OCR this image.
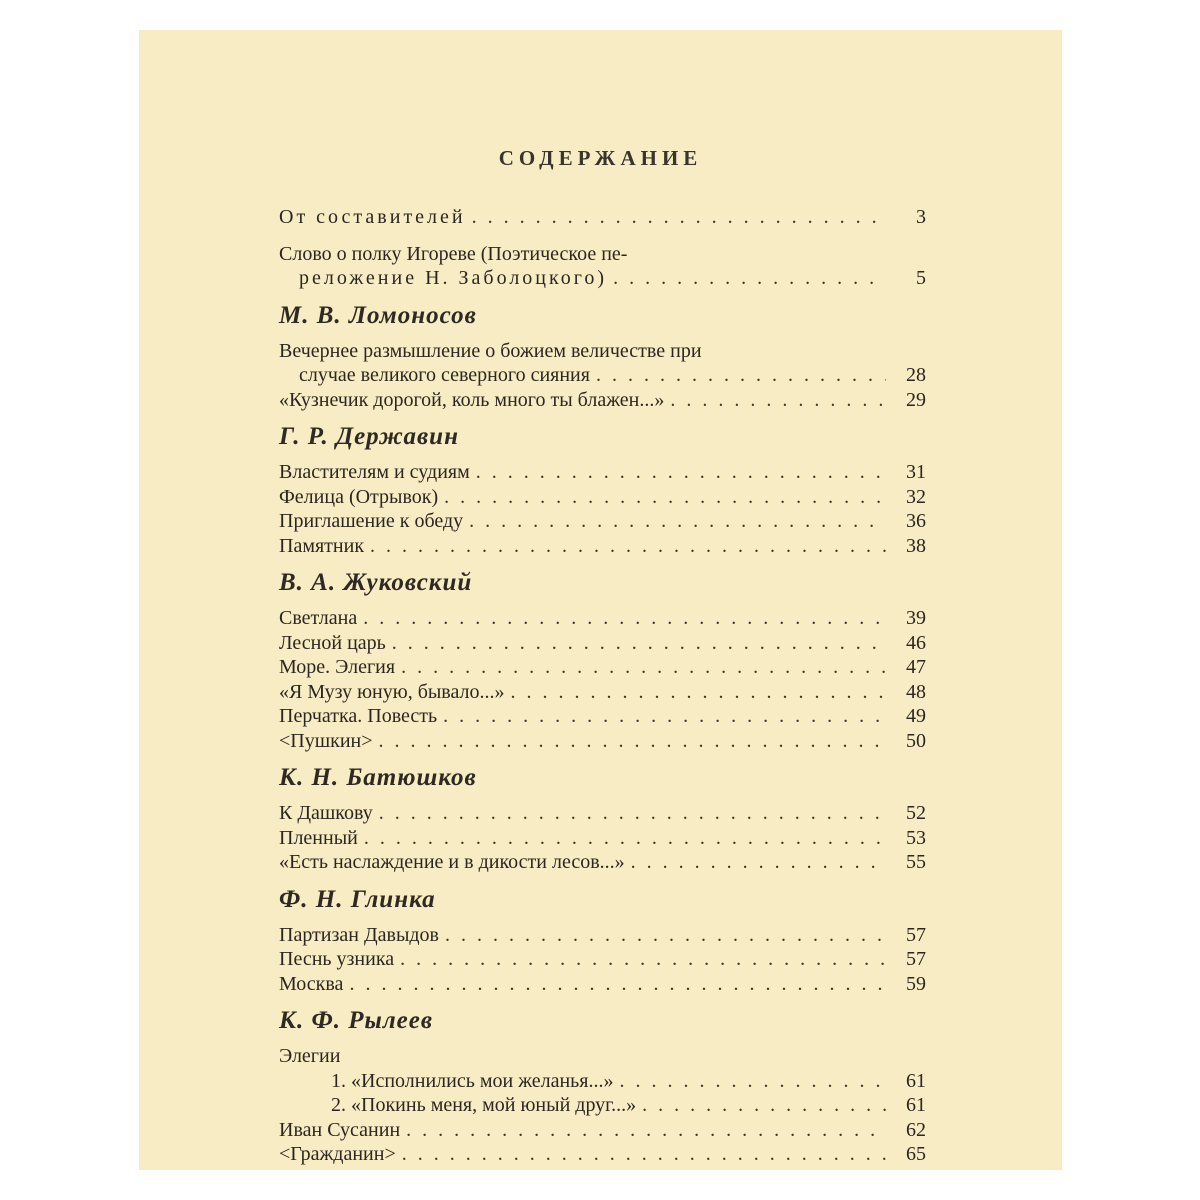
СОДЕРЖАНИЕ
От составителей . . .	3
Слово о полку Игореве (Поэтическое пе-
реложение Н. Заболоцкого) . . .	5
М. В. Ломоносов
Вечернее размышление о божием величестве при
случае великого северного сияния . . .	28
«Кузнечик дорогой, коль много ты блажен...» . . .	29
Г. Р. Державин
Властителям и судиям . . .	31
Фелица (Отрывок) . . .	32
Приглашение к обеду . . .	36
Памятник . . .	38
В. А. Жуковский
Светлана . . .	39
Лесной царь . . .	46
Море. Элегия . . .	47
«Я Музу юную, бывало...» . . .	48
Перчатка. Повесть . . .	49
<Пушкин> . . .	50
К. Н. Батюшков
К Дашкову . . .	52
Пленный . . .	53
«Есть наслаждение и в дикости лесов...» . . .	55
Ф. Н. Глинка
Партизан Давыдов . . .	57
Песнь узника . . .	57
Москва . . .	59
К. Ф. Рылеев
Элегии
1. «Исполнились мои желанья...» . . .	61
2. «Покинь меня, мой юный друг...» . . .	61
Иван Сусанин . . .	62
<Гражданин> . . .	65
